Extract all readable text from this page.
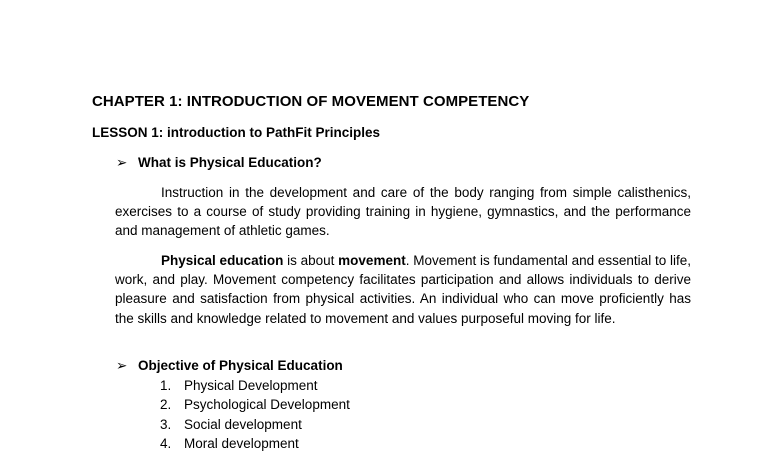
CHAPTER 1: INTRODUCTION OF MOVEMENT COMPETENCY
LESSON 1: introduction to PathFit Principles
➢ What is Physical Education?

Instruction in the development and care of the body ranging from simple calisthenics, exercises to a course of study providing training in hygiene, gymnastics, and the performance and management of athletic games.

Physical education is about movement. Movement is fundamental and essential to life, work, and play. Movement competency facilitates participation and allows individuals to derive pleasure and satisfaction from physical activities. An individual who can move proficiently has the skills and knowledge related to movement and values purposeful moving for life.

➢ Objective of Physical Education
1. Physical Development
2. Psychological Development
3. Social development
4. Moral development
